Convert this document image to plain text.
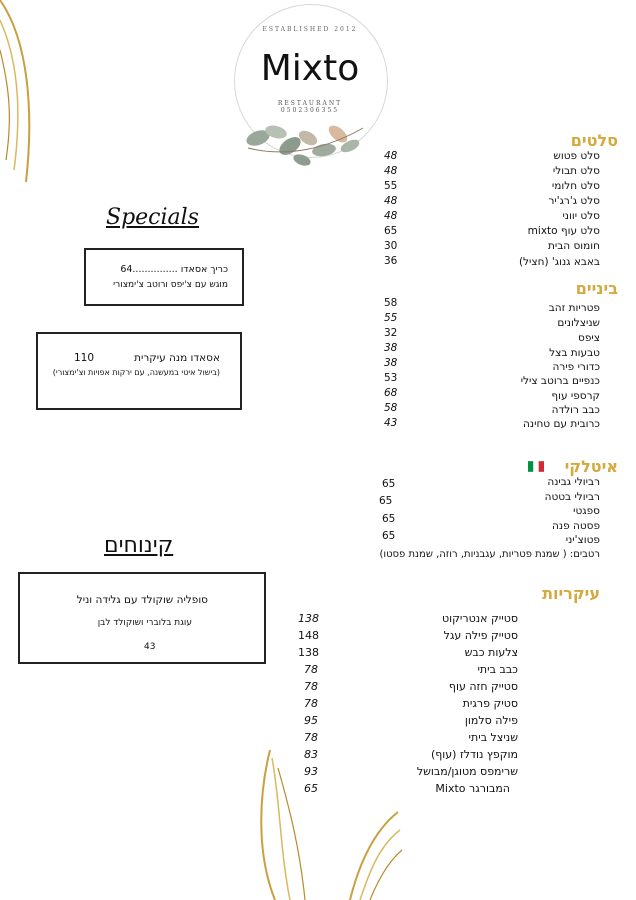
ESTABLISHED 2012
Mixto
RESTAURANT
0502306355
סלטים
סלט פטוש
48
סלט תבולי
48
סלט חלומי
55
סלט ג'רג'יר
48
סלט יווני
48
סלט עוף mixto
65
חומוס הבית
30
באבא גנוג' (חציל)
36
ביניים
פטריות זהב
58
שניצלונים
55
ציפס
32
טבעות בצל
38
כדורי פירה
38
כנפיים ברוטב צילי
53
קרספי עוף
68
כבב רולדה
58
כרובית עם טחינה
43
איטלקי
רביולי גבינה
65
רביולי בטטה
65
ספגטי
פסטה פנה
65
פטוצ'יני
65
רטבים: ( שמנת פטריות, עגבניות, רוזה, שמנת פסטו)
עיקריות
סטייק אנטריקוט
138
סטייק פילה עגל
148
צלעות כבש
138
כבב ביתי
78
סטייק חזה עוף
78
סטיק פרגית
78
פילה סלמון
95
שניצל ביתי
78
מוקפץ נודלז (עוף)
83
שרימפס מטוגן/מבושל
93
המבורגר Mixto
65
Specials
כריך אסאדו ...............64
מוגש עם צ'יפס ורוטב צ'ימצורי
אסאדו מנה עיקרית
110
(בישול איטי במעשנה, עם ירקות אפויות וצ'ימצורי)
קינוחים
סופליה שוקולד עם גלידה וניל
עוגת בלוברי ושוקולד לבן
43
